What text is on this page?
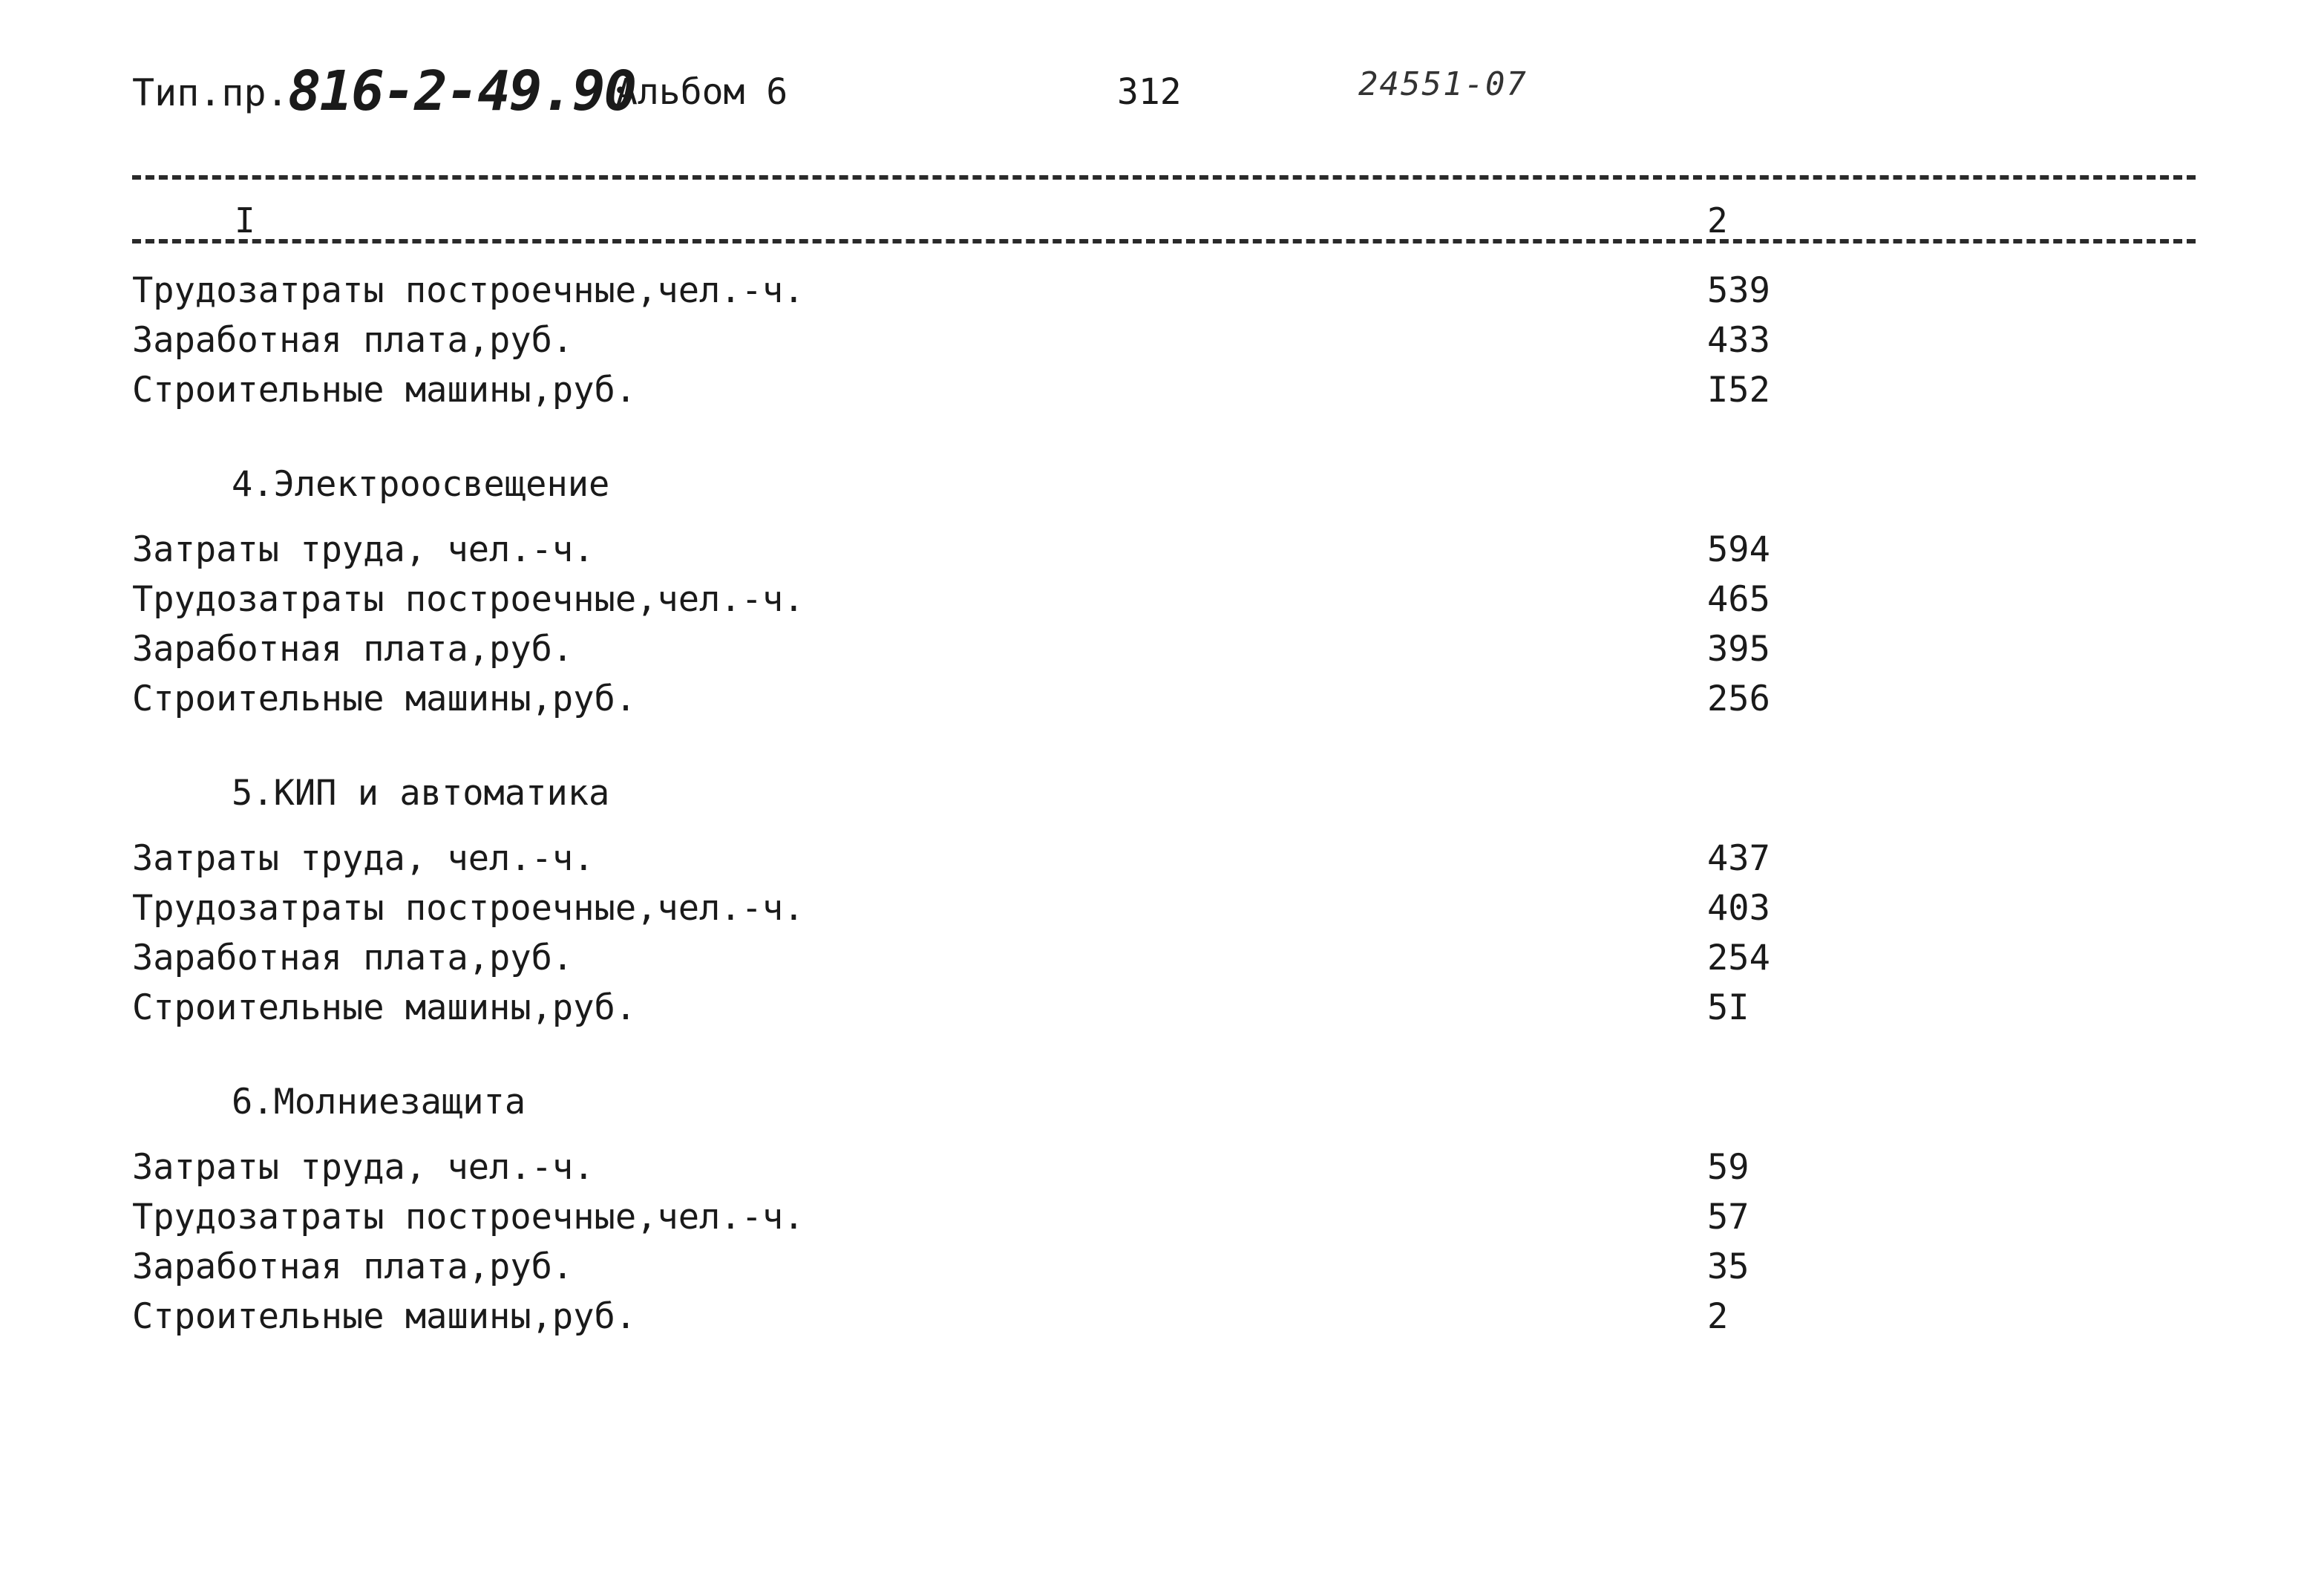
Тип.пр. 816-2-49.90
Альбом 6	312	24551-07
I	2
Трудозатраты построечные,чел.-ч.	539
Заработная плата,руб.	433
Строительные машины,руб.	I52
4.Электроосвещение
Затраты труда, чел.-ч.	594
Трудозатраты построечные,чел.-ч.	465
Заработная плата,руб.	395
Строительные машины,руб.	256
5.КИП и автоматика
Затраты труда, чел.-ч.	437
Трудозатраты построечные,чел.-ч.	403
Заработная плата,руб.	254
Строительные машины,руб.	5I
6.Молниезащита
Затраты труда, чел.-ч.	59
Трудозатраты построечные,чел.-ч.	57
Заработная плата,руб.	35
Строительные машины,руб.	2
